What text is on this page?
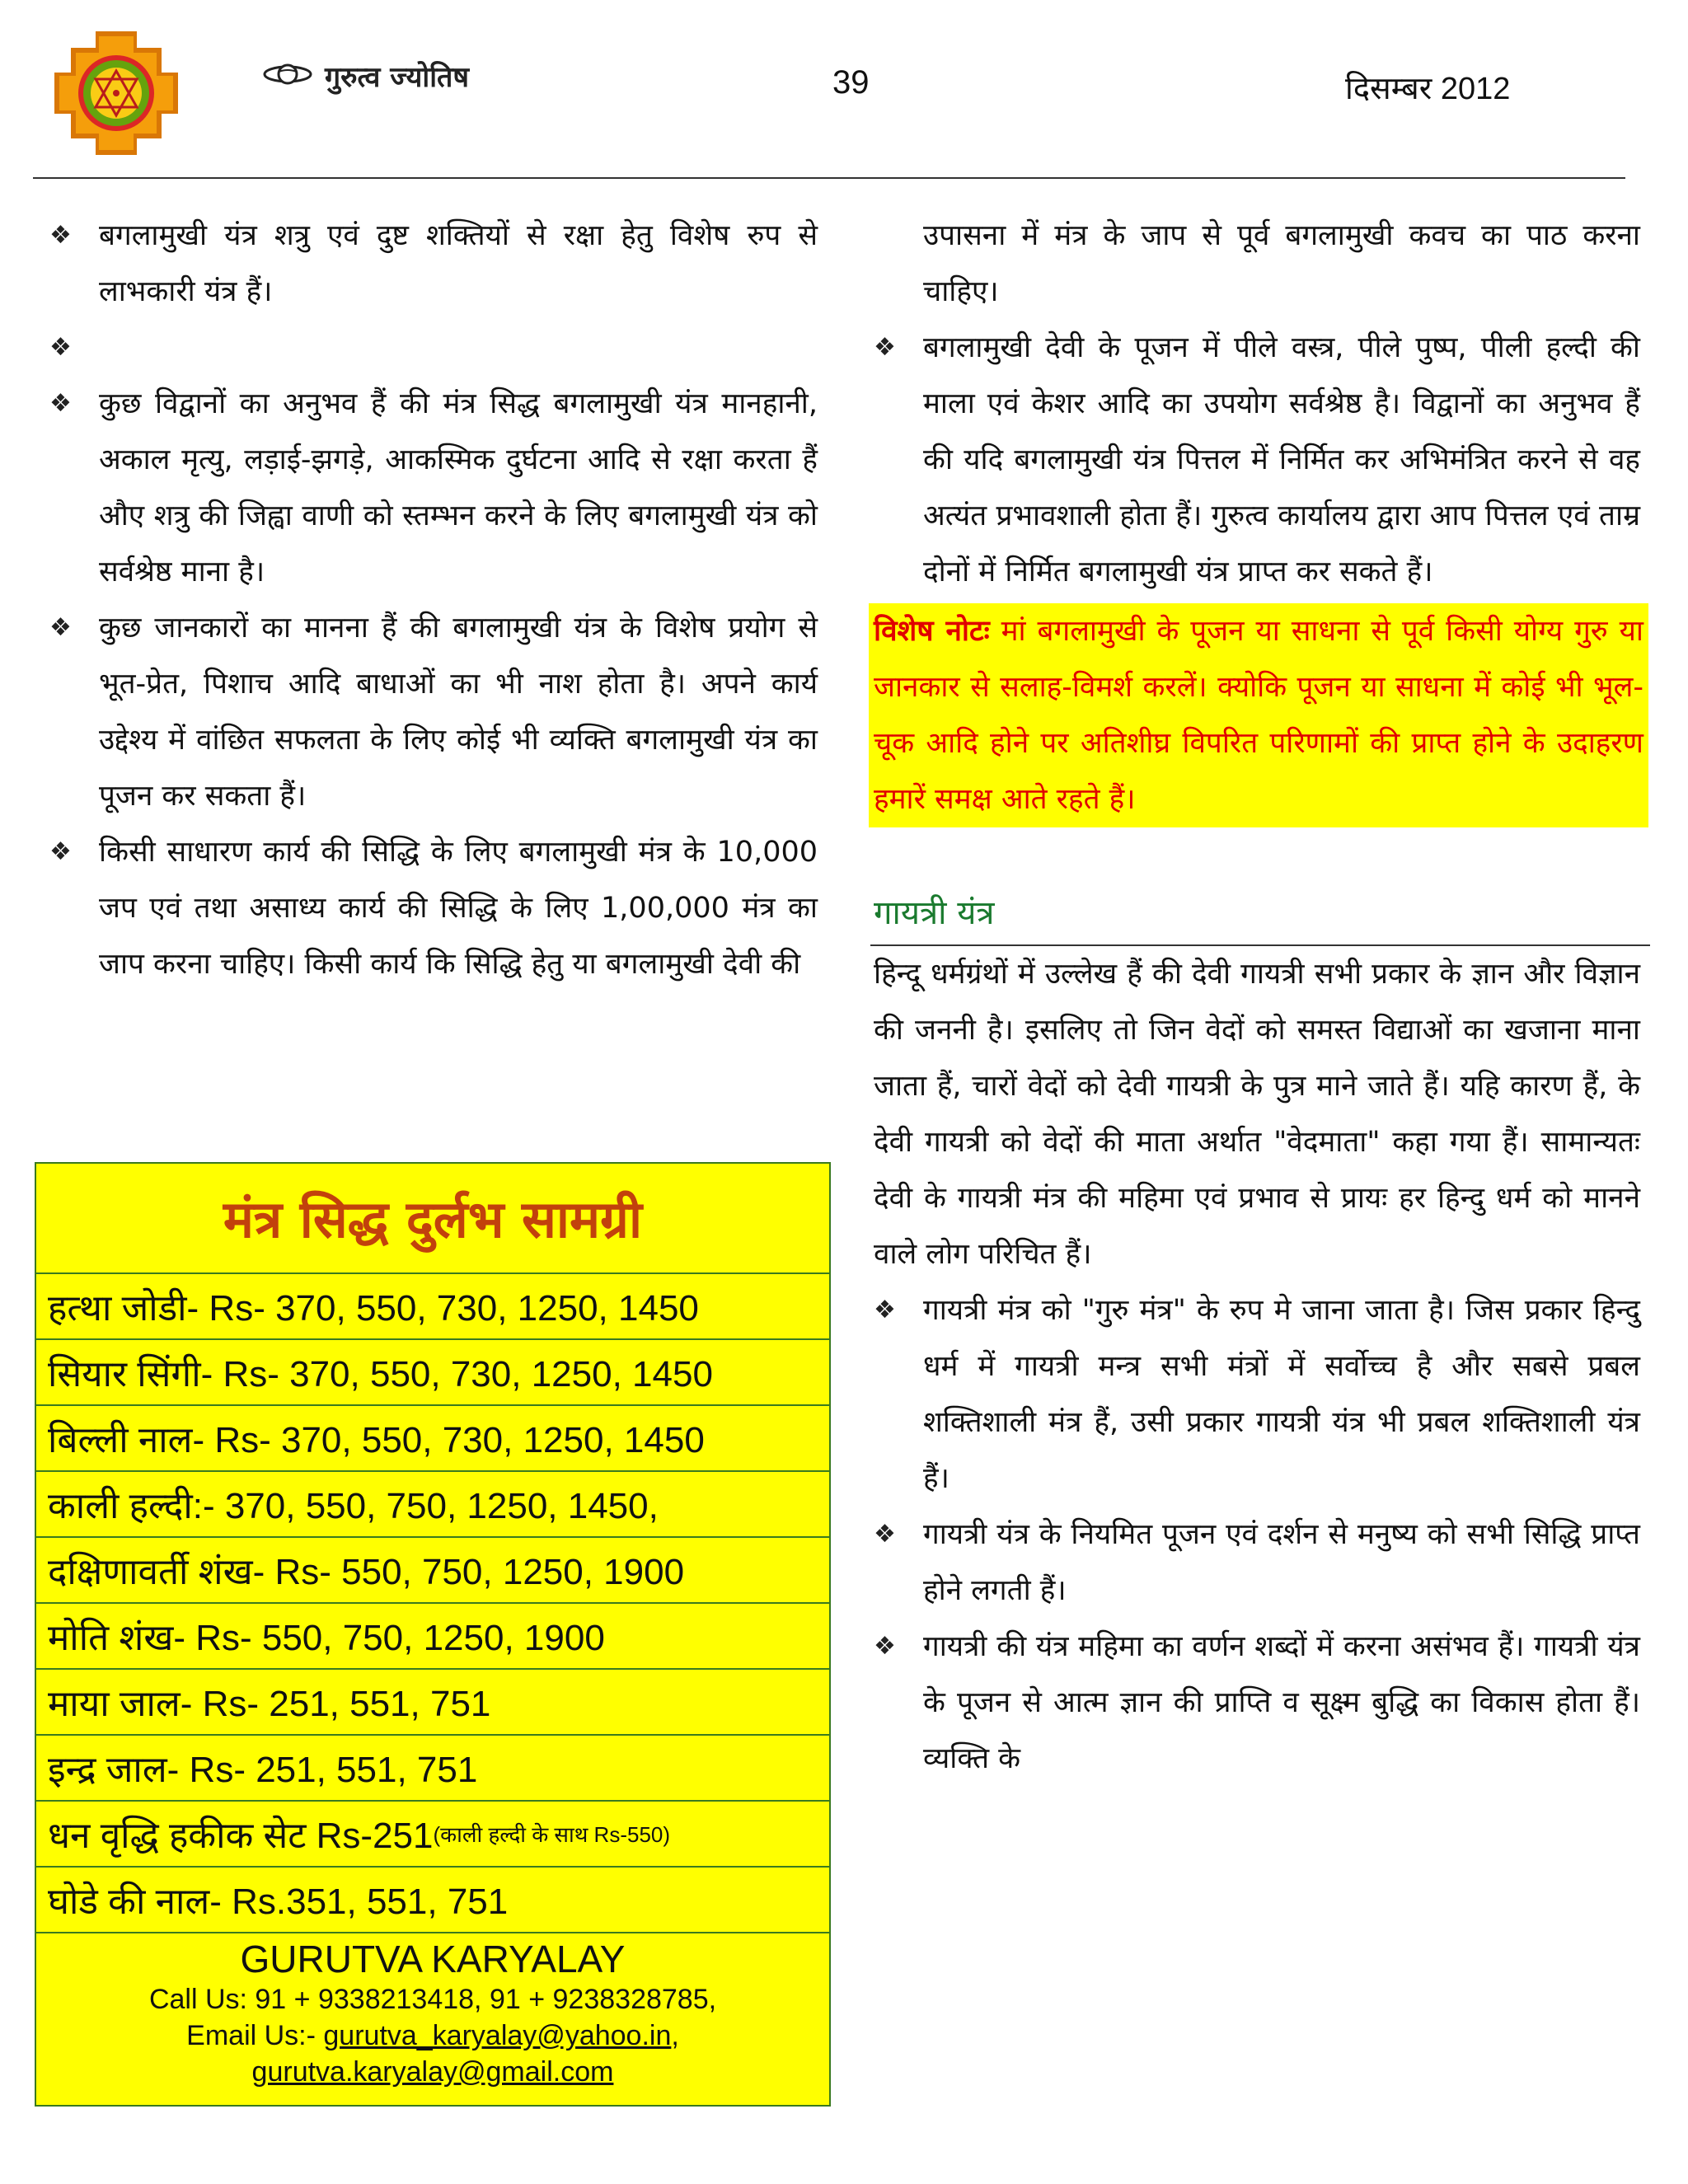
गुरुत्व ज्योतिष	39	दिसम्बर 2012
❖ बगलामुखी यंत्र शत्रु एवं दुष्ट शक्तियों से रक्षा हेतु विशेष रुप से लाभकारी यंत्र हैं।
❖
❖ कुछ विद्वानों का अनुभव हैं की मंत्र सिद्ध बगलामुखी यंत्र मानहानी, अकाल मृत्यु, लड़ाई-झगड़े, आकस्मिक दुर्घटना आदि से रक्षा करता हैं औए शत्रु की जिह्वा वाणी को स्तम्भन करने के लिए बगलामुखी यंत्र को सर्वश्रेष्ठ माना है।
❖ कुछ जानकारों का मानना हैं की बगलामुखी यंत्र के विशेष प्रयोग से भूत-प्रेत, पिशाच आदि बाधाओं का भी नाश होता है। अपने कार्य उद्देश्य में वांछित सफलता के लिए कोई भी व्यक्ति बगलामुखी यंत्र का पूजन कर सकता हैं।
❖ किसी साधारण कार्य की सिद्धि के लिए बगलामुखी मंत्र के 10,000 जप एवं तथा असाध्य कार्य की सिद्धि के लिए 1,00,000 मंत्र का जाप करना चाहिए। किसी कार्य कि सिद्धि हेतु या बगलामुखी देवी की
उपासना में मंत्र के जाप से पूर्व बगलामुखी कवच का पाठ करना चाहिए।
❖ बगलामुखी देवी के पूजन में पीले वस्त्र, पीले पुष्प, पीली हल्दी की माला एवं केशर आदि का उपयोग सर्वश्रेष्ठ है। विद्वानों का अनुभव हैं की यदि बगलामुखी यंत्र पित्तल में निर्मित कर अभिमंत्रित करने से वह अत्यंत प्रभावशाली होता हैं। गुरुत्व कार्यालय द्वारा आप पित्तल एवं ताम्र दोनों में निर्मित बगलामुखी यंत्र प्राप्त कर सकते हैं।
विशेष नोटः मां बगलामुखी के पूजन या साधना से पूर्व किसी योग्य गुरु या जानकार से सलाह-विमर्श करलें। क्योकि पूजन या साधना में कोई भी भूल-चूक आदि होने पर अतिशीघ्र विपरित परिणामों की प्राप्त होने के उदाहरण हमारें समक्ष आते रहते हैं।
गायत्री यंत्र
हिन्दू धर्मग्रंथों में उल्लेख हैं की देवी गायत्री सभी प्रकार के ज्ञान और विज्ञान की जननी है। इसलिए तो जिन वेदों को समस्त विद्याओं का खजाना माना जाता हैं, चारों वेदों को देवी गायत्री के पुत्र माने जाते हैं। यहि कारण हैं, के देवी गायत्री को वेदों की माता अर्थात "वेदमाता" कहा गया हैं। सामान्यतः देवी के गायत्री मंत्र की महिमा एवं प्रभाव से प्रायः हर हिन्दु धर्म को मानने वाले लोग परिचित हैं।
❖ गायत्री मंत्र को "गुरु मंत्र" के रुप मे जाना जाता है। जिस प्रकार हिन्दु धर्म में गायत्री मन्त्र सभी मंत्रों में सर्वोच्च है और सबसे प्रबल शक्तिशाली मंत्र हैं, उसी प्रकार गायत्री यंत्र भी प्रबल शक्तिशाली यंत्र हैं।
❖ गायत्री यंत्र के नियमित पूजन एवं दर्शन से मनुष्य को सभी सिद्धि प्राप्त होने लगती हैं।
❖ गायत्री की यंत्र महिमा का वर्णन शब्दों में करना असंभव हैं। गायत्री यंत्र के पूजन से आत्म ज्ञान की प्राप्ति व सूक्ष्म बुद्धि का विकास होता हैं। व्यक्ति के
मंत्र सिद्ध दुर्लभ सामग्री
हत्था जोडी- Rs- 370, 550, 730, 1250, 1450
सियार सिंगी- Rs- 370, 550, 730, 1250, 1450
बिल्ली नाल- Rs- 370, 550, 730, 1250, 1450
काली हल्दी:- 370, 550, 750, 1250, 1450,
दक्षिणावर्ती शंख- Rs- 550, 750, 1250, 1900
मोति शंख- Rs- 550, 750, 1250, 1900
माया जाल- Rs- 251, 551, 751
इन्द्र जाल- Rs- 251, 551, 751
धन वृद्धि हकीक सेट Rs-251 (काली हल्दी के साथ Rs-550)
घोडे की नाल- Rs.351, 551, 751
GURUTVA KARYALAY
Call Us: 91 + 9338213418, 91 + 9238328785,
Email Us:- gurutva_karyalay@yahoo.in,
gurutva.karyalay@gmail.com
